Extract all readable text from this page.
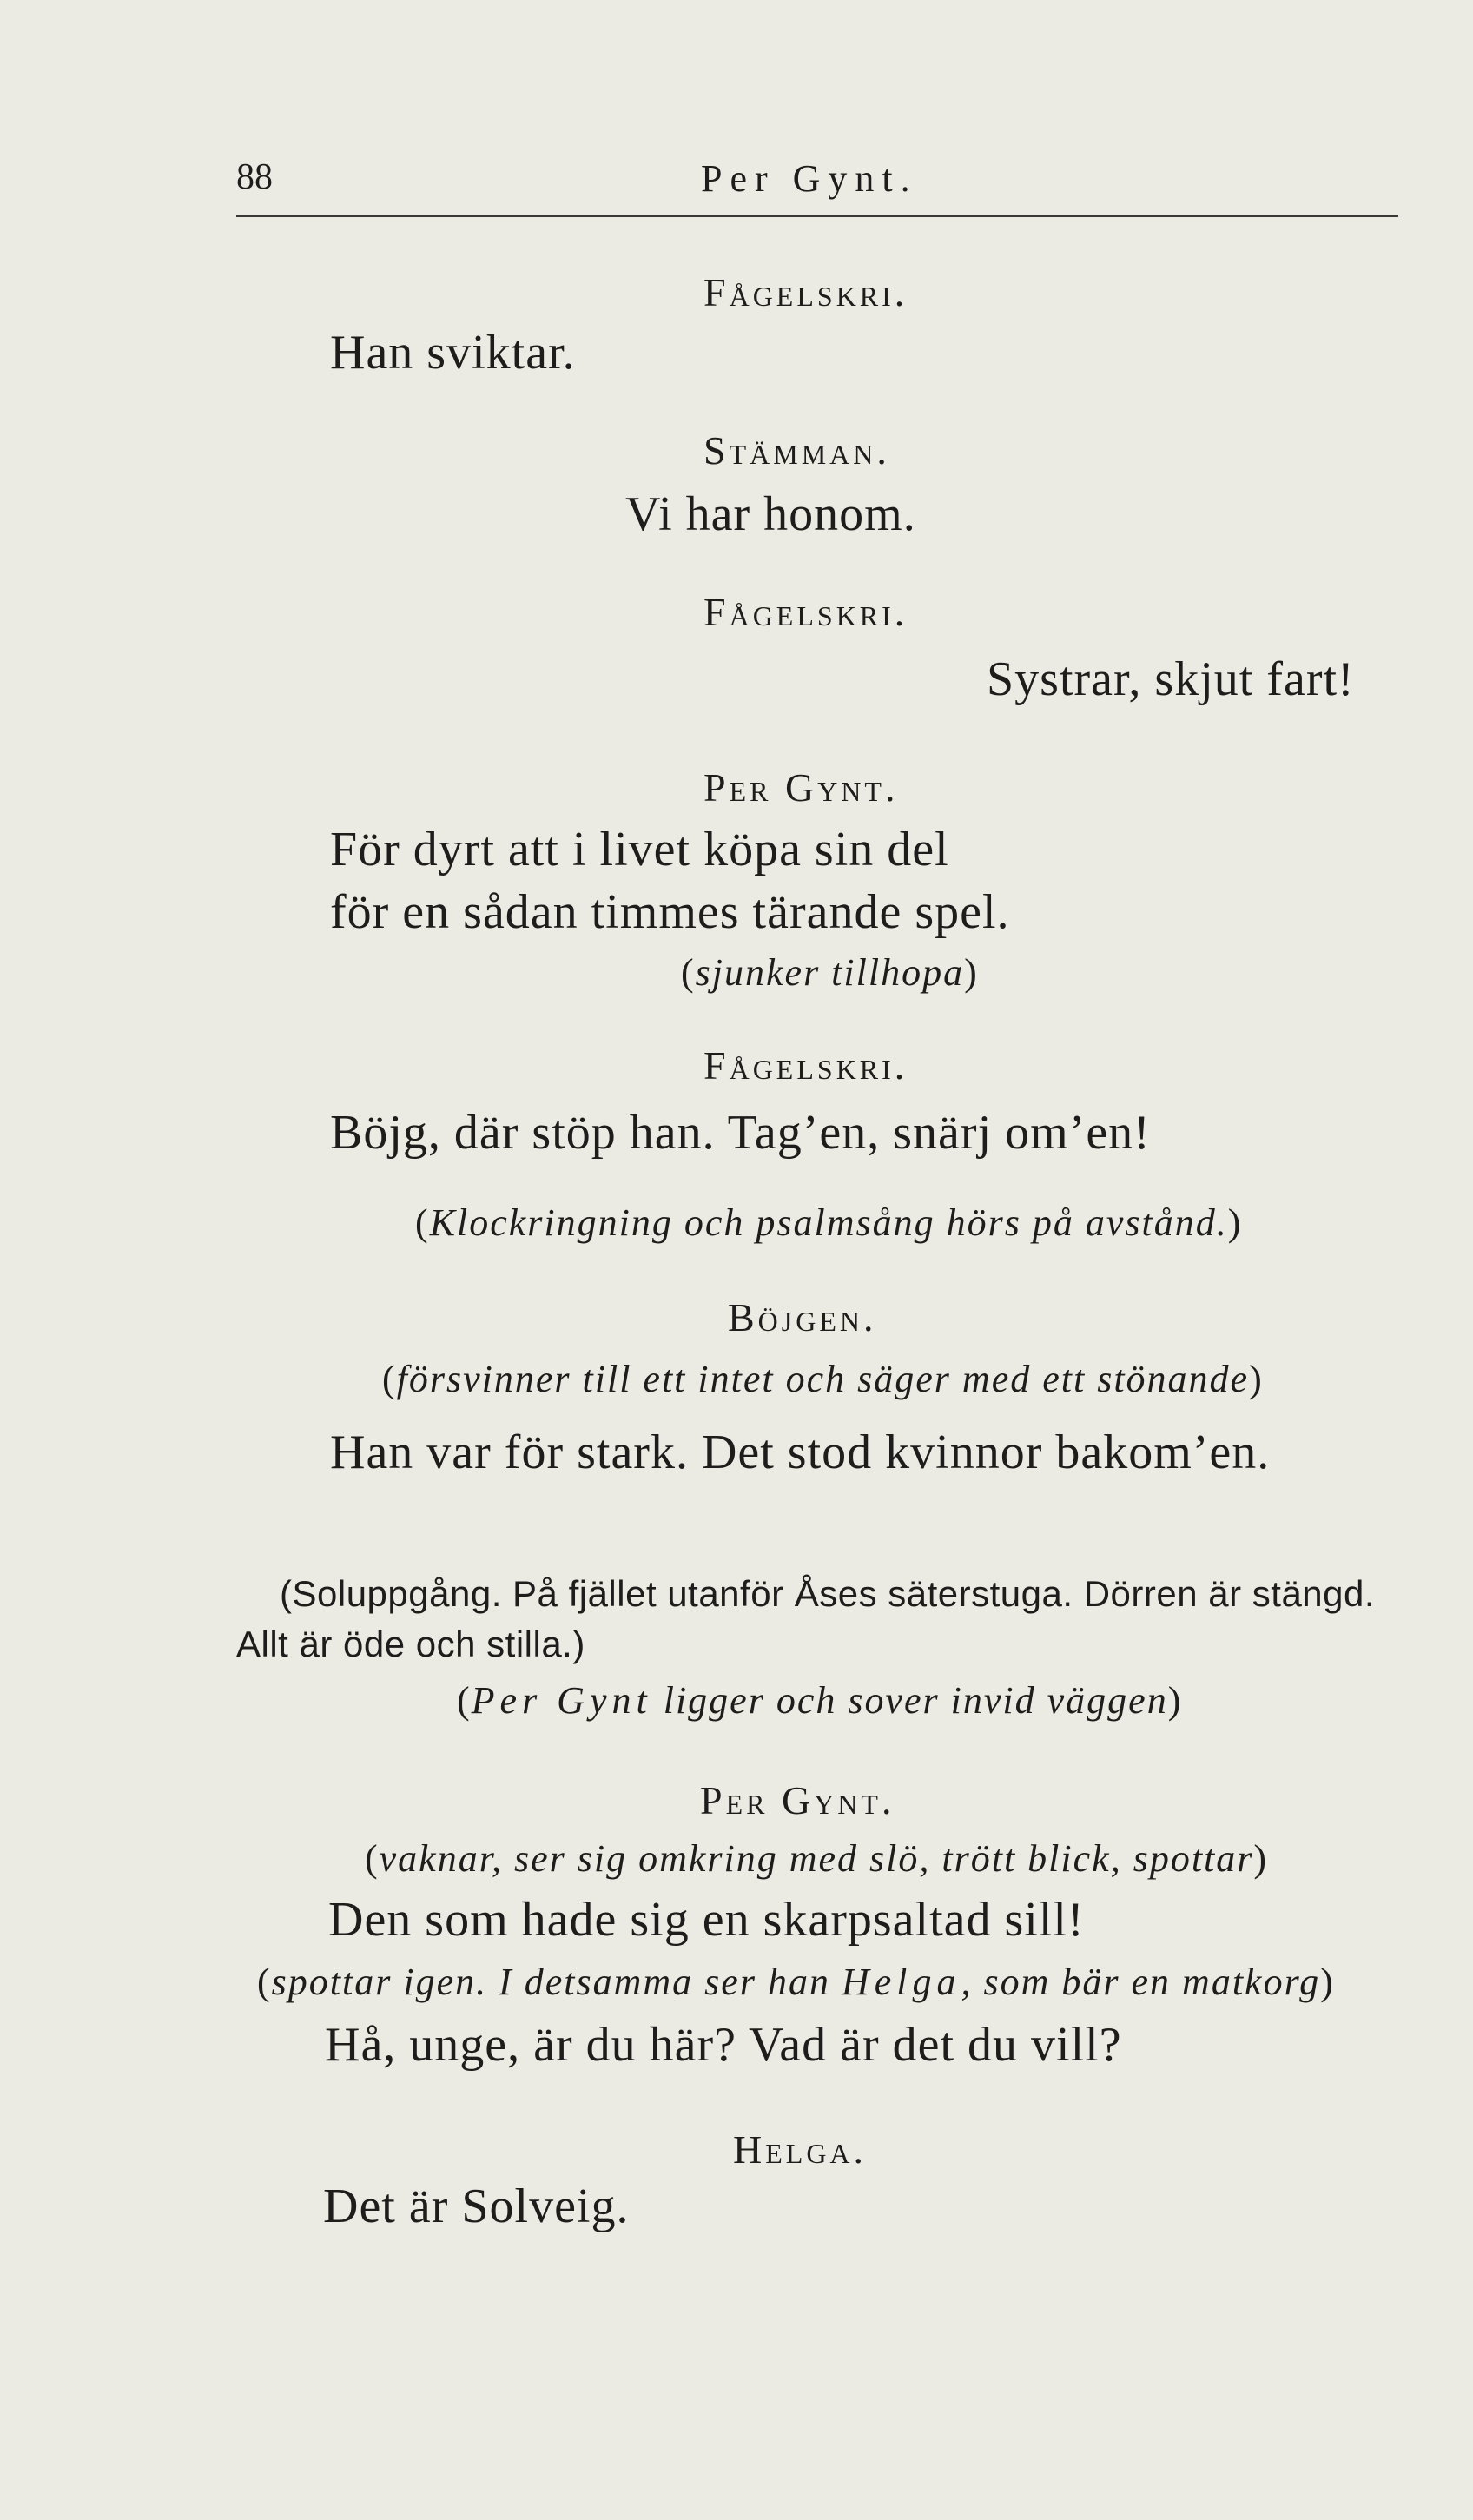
88	Per Gynt.
Fågelskri.
Han sviktar.
Stämman.
Vi har honom.
Fågelskri.
Systrar, skjut fart!
Per Gynt.
För dyrt att i livet köpa sin del
för en sådan timmes tärande spel.
(sjunker tillhopa)
Fågelskri.
Böjg, där stöp han. Tag’en, snärj om’en!
(Klockringning och psalmsång hörs på avstånd.)
Böjgen.
(försvinner till ett intet och säger med ett stönande)
Han var för stark. Det stod kvinnor bakom’en.
(Soluppgång. På fjället utanför Åses säterstuga. Dörren är stängd.
Allt är öde och stilla.)
(Per Gynt ligger och sover invid väggen)
Per Gynt.
(vaknar, ser sig omkring med slö, trött blick, spottar)
Den som hade sig en skarpsaltad sill!
(spottar igen. I detsamma ser han Helga, som bär en matkorg)
Hå, unge, är du här? Vad är det du vill?
Helga.
Det är Solveig.
